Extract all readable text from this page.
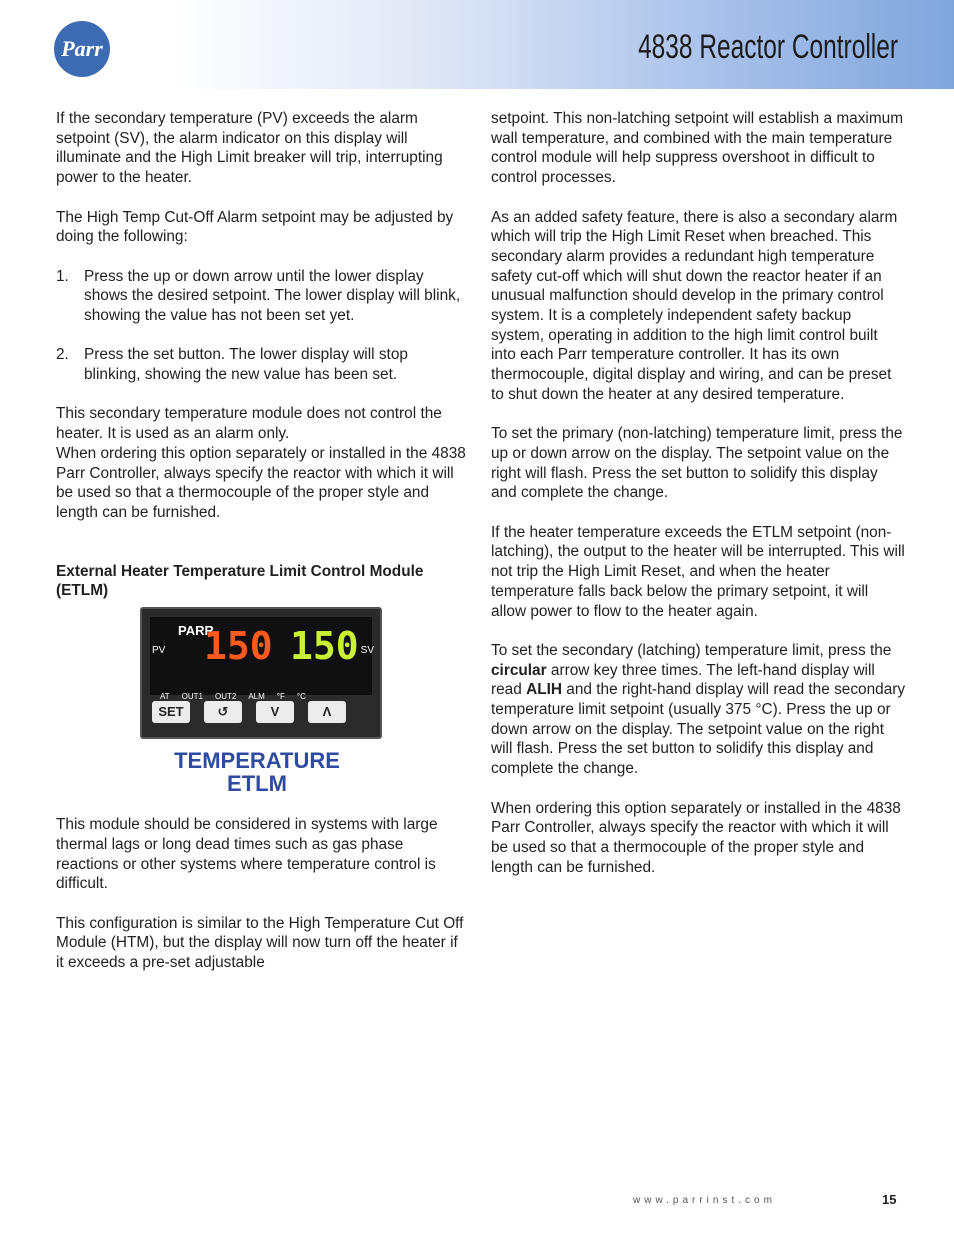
Parr	4838 Reactor Controller

If the secondary temperature (PV) exceeds the alarm setpoint (SV), the alarm indicator on this display will illuminate and the High Limit breaker will trip, interrupting power to the heater.

The High Temp Cut-Off Alarm setpoint may be adjusted by doing the following:

1. Press the up or down arrow until the lower display shows the desired setpoint. The lower display will blink, showing the value has not been set yet.
2. Press the set button. The lower display will stop blinking, showing the new value has been set.

This secondary temperature module does not control the heater. It is used as an alarm only.

When ordering this option separately or installed in the 4838 Parr Controller, always specify the reactor with which it will be used so that a thermocouple of the proper style and length can be furnished.

External Heater Temperature Limit Control Module (ETLM)
PARR
PV	SV
150 150
AT OUT1 OUT2 ALM °F °C
SET	↺	V	Λ
TEMPERATURE
ETLM

This module should be considered in systems with large thermal lags or long dead times such as gas phase reactions or other systems where temperature control is difficult.

This configuration is similar to the High Temperature Cut Off Module (HTM), but the display will now turn off the heater if it exceeds a pre-set adjustable

setpoint. This non-latching setpoint will establish a maximum wall temperature, and combined with the main temperature control module will help suppress overshoot in difficult to control processes.

As an added safety feature, there is also a secondary alarm which will trip the High Limit Reset when breached. This secondary alarm provides a redundant high temperature safety cut-off which will shut down the reactor heater if an unusual malfunction should develop in the primary control system. It is a completely independent safety backup system, operating in addition to the high limit control built into each Parr temperature controller. It has its own thermocouple, digital display and wiring, and can be preset to shut down the heater at any desired temperature.

To set the primary (non-latching) temperature limit, press the up or down arrow on the display. The setpoint value on the right will flash. Press the set button to solidify this display and complete the change.

If the heater temperature exceeds the ETLM setpoint (non-latching), the output to the heater will be interrupted. This will not trip the High Limit Reset, and when the heater temperature falls back below the primary setpoint, it will allow power to flow to the heater again.

To set the secondary (latching) temperature limit, press the circular arrow key three times. The left-hand display will read ALIH and the right-hand display will read the secondary temperature limit setpoint (usually 375 °C). Press the up or down arrow on the display. The setpoint value on the right will flash. Press the set button to solidify this display and complete the change.

When ordering this option separately or installed in the 4838 Parr Controller, always specify the reactor with which it will be used so that a thermocouple of the proper style and length can be furnished.

www.parrinst.com	15
